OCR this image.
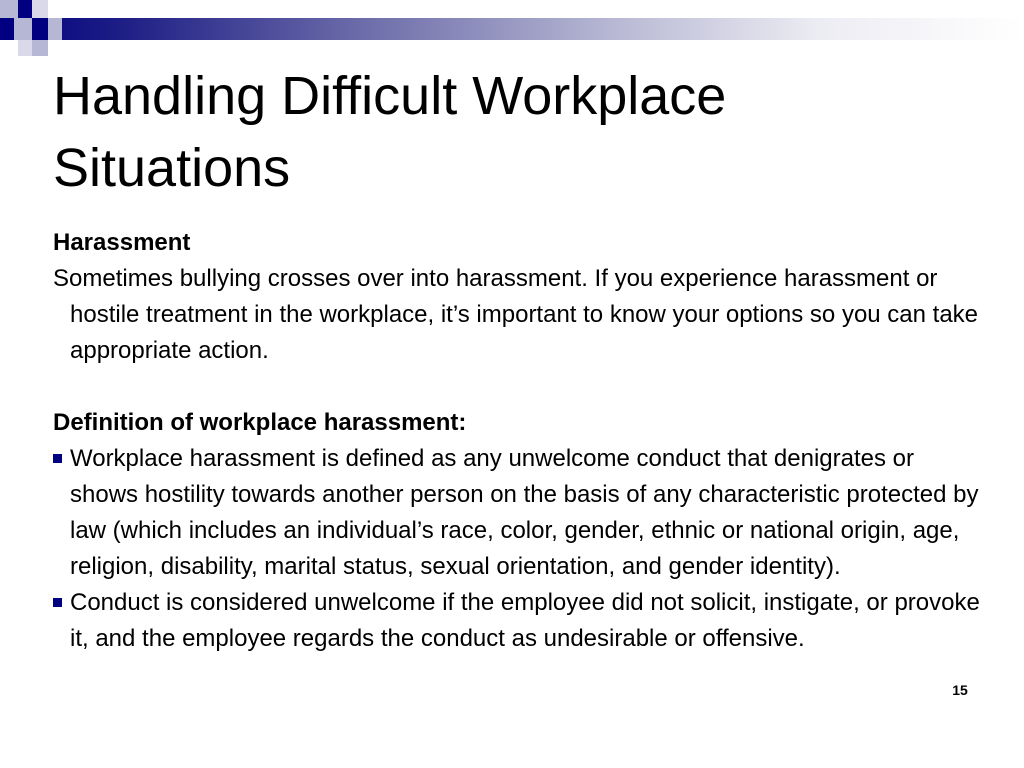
Handling Difficult Workplace Situations

Harassment

Sometimes bullying crosses over into harassment. If you experience harassment or hostile treatment in the workplace, it’s important to know your options so you can take appropriate action.

Definition of workplace harassment:

Workplace harassment is defined as any unwelcome conduct that denigrates or shows hostility towards another person on the basis of any characteristic protected by law (which includes an individual’s race, color, gender, ethnic or national origin, age, religion, disability, marital status, sexual orientation, and gender identity).
Conduct is considered unwelcome if the employee did not solicit, instigate, or provoke it, and the employee regards the conduct as undesirable or offensive.
15
